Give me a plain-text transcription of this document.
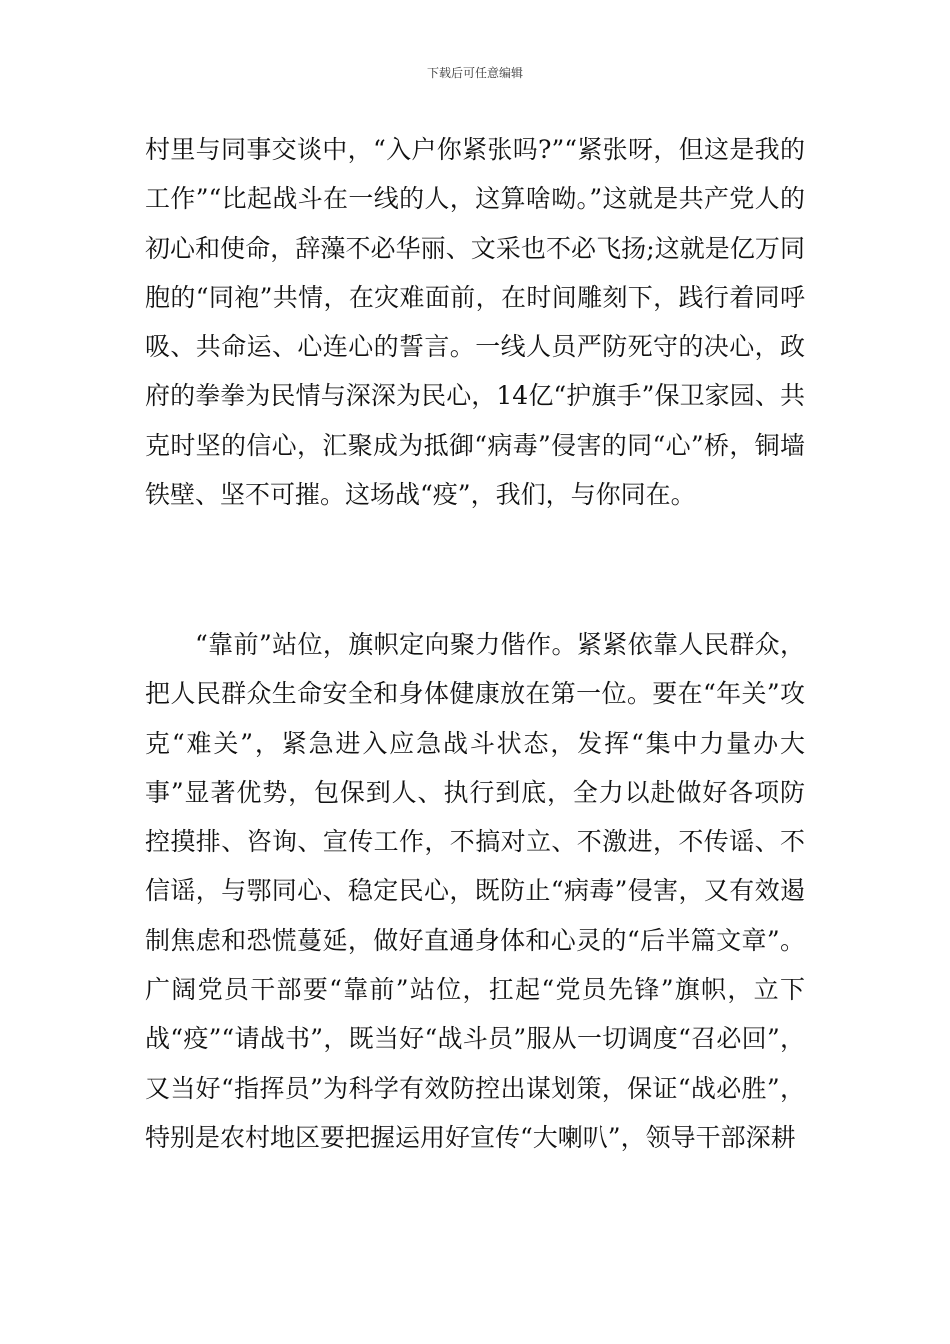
下载后可任意编辑

村里与同事交谈中，“入户你紧张吗?”“紧张呀，但这是我的工作”“比起战斗在一线的人，这算啥呦。”这就是共产党人的初心和使命，辞藻不必华丽、文采也不必飞扬;这就是亿万同胞的“同袍”共情，在灾难面前，在时间雕刻下，践行着同呼吸、共命运、心连心的誓言。一线人员严防死守的决心，政府的拳拳为民情与深深为民心，14亿“护旗手”保卫家园、共克时坚的信心，汇聚成为抵御“病毒”侵害的同“心”桥，铜墙铁壁、坚不可摧。这场战“疫”，我们，与你同在。

“靠前”站位，旗帜定向聚力偕作。紧紧依靠人民群众，把人民群众生命安全和身体健康放在第一位。要在“年关”攻克“难关”，紧急进入应急战斗状态，发挥“集中力量办大事”显著优势，包保到人、执行到底，全力以赴做好各项防控摸排、咨询、宣传工作，不搞对立、不激进，不传谣、不信谣，与鄂同心、稳定民心，既防止“病毒”侵害，又有效遏制焦虑和恐慌蔓延，做好直通身体和心灵的“后半篇文章”。广阔党员干部要“靠前”站位，扛起“党员先锋”旗帜，立下战“疫”“请战书”，既当好“战斗员”服从一切调度“召必回”，又当好“指挥员”为科学有效防控出谋划策，保证“战必胜”，特别是农村地区要把握运用好宣传“大喇叭”，领导干部深耕
